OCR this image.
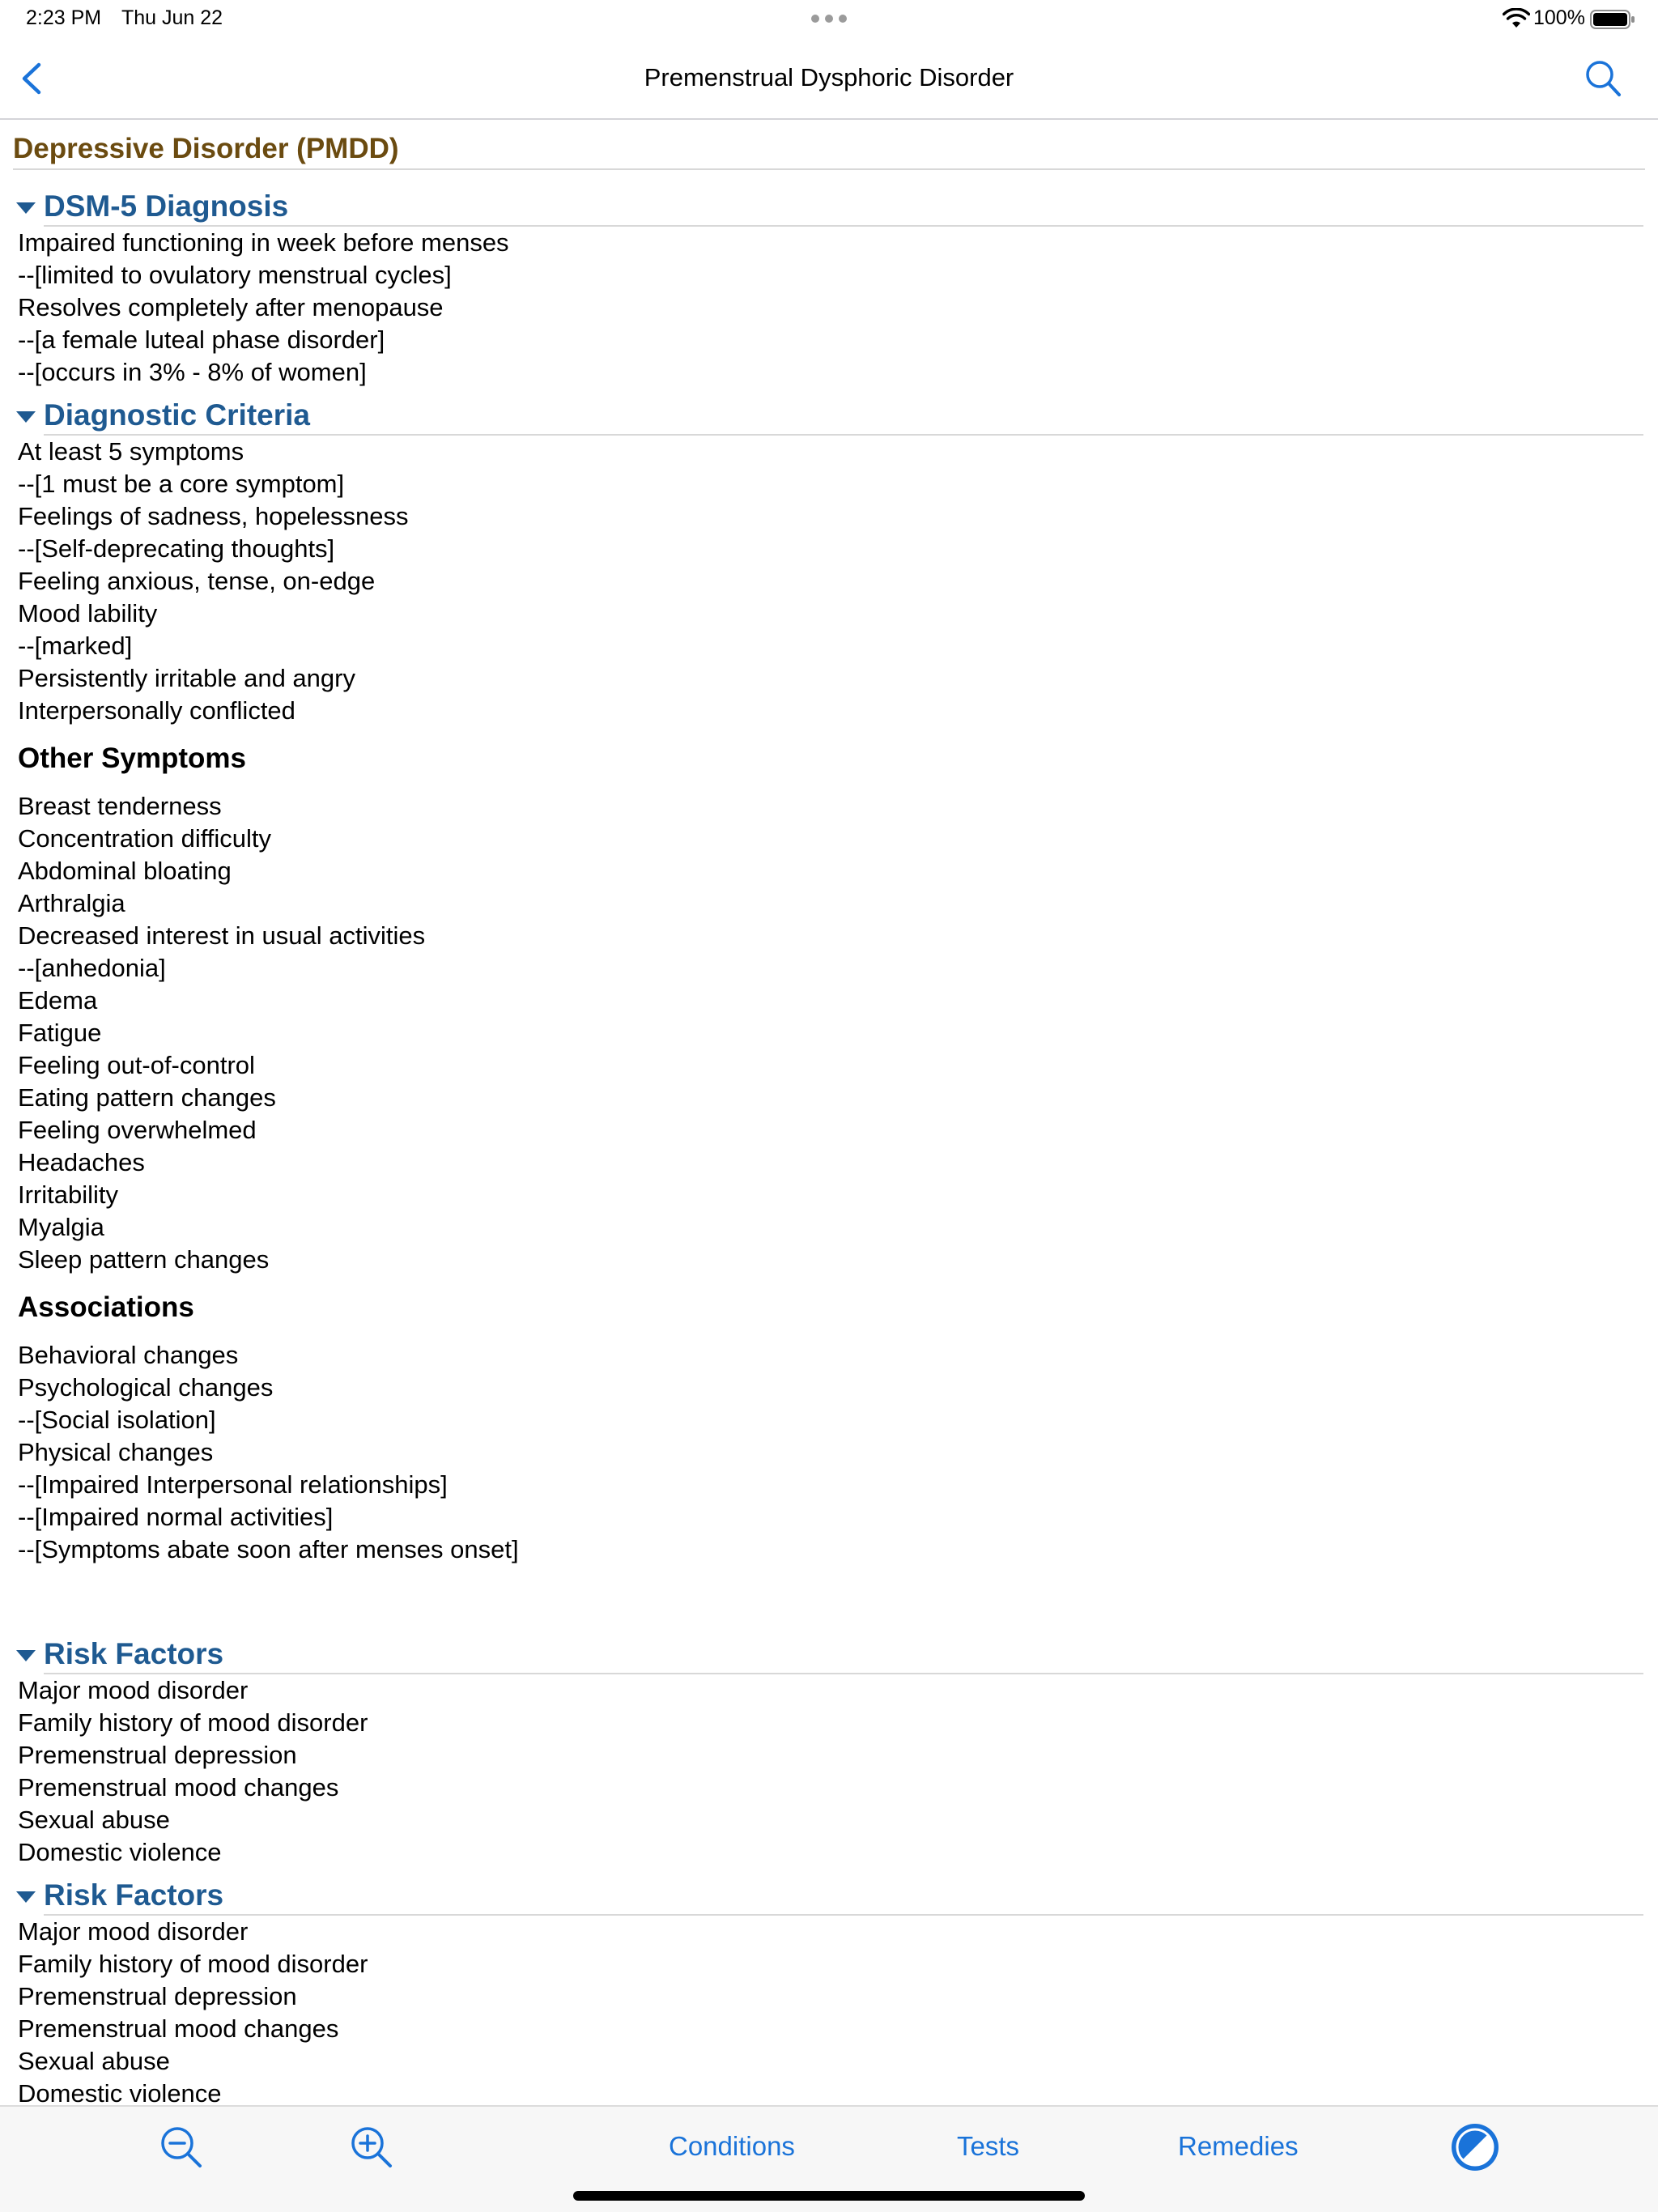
2:23 PM Thu Jun 22	100%
Premenstrual Dysphoric Disorder
Depressive Disorder (PMDD)
DSM-5 Diagnosis
Impaired functioning in week before menses
--[limited to ovulatory menstrual cycles]
Resolves completely after menopause
--[a female luteal phase disorder]
--[occurs in 3% - 8% of women]
Diagnostic Criteria
At least 5 symptoms
--[1 must be a core symptom]
Feelings of sadness, hopelessness
--[Self-deprecating thoughts]
Feeling anxious, tense, on-edge
Mood lability
--[marked]
Persistently irritable and angry
Interpersonally conflicted
Other Symptoms
Breast tenderness
Concentration difficulty
Abdominal bloating
Arthralgia
Decreased interest in usual activities
--[anhedonia]
Edema
Fatigue
Feeling out-of-control
Eating pattern changes
Feeling overwhelmed
Headaches
Irritability
Myalgia
Sleep pattern changes
Associations
Behavioral changes
Psychological changes
--[Social isolation]
Physical changes
--[Impaired Interpersonal relationships]
--[Impaired normal activities]
--[Symptoms abate soon after menses onset]
Risk Factors
Major mood disorder
Family history of mood disorder
Premenstrual depression
Premenstrual mood changes
Sexual abuse
Domestic violence
Risk Factors
Major mood disorder
Family history of mood disorder
Premenstrual depression
Premenstrual mood changes
Sexual abuse
Domestic violence
Conditions	Tests	Remedies
